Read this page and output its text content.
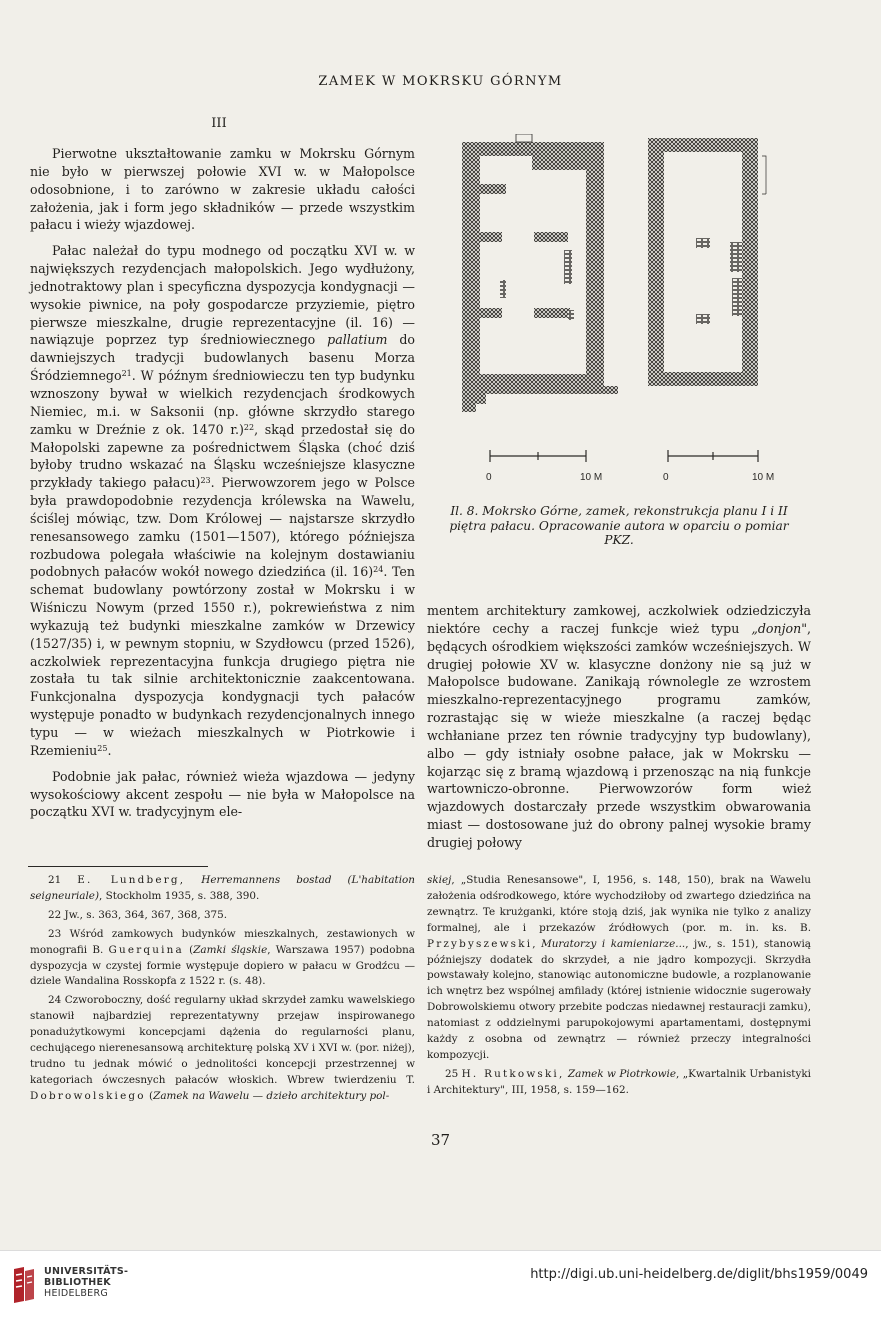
ZAMEK W MOKRSKU GÓRNYM
III

Pierwotne ukształtowanie zamku w Mokrsku Górnym nie było w pierwszej połowie XVI w. w Małopolsce odosobnione, i to zarówno w zakresie układu całości założenia, jak i form jego składników — przede wszystkim pałacu i wieży wjazdowej.

Pałac należał do typu modnego od początku XVI w. w największych rezydencjach małopolskich. Jego wydłużony, jednotraktowy plan i specyficzna dyspozycja kondygnacji — wysokie piwnice, na poły gospodarcze przyziemie, piętro pierwsze mieszkalne, drugie reprezentacyjne (il. 16) — nawiązuje poprzez typ średniowiecznego pallatium do dawniejszych tradycji budowlanych basenu Morza Śródziemnego$^{21}$. W późnym średniowieczu ten typ budynku wznoszony bywał w wielkich rezydencjach środkowych Niemiec, m.i. w Saksonii (np. główne skrzydło starego zamku w Dreźnie z ok. 1470 r.)$^{22}$, skąd przedostał się do Małopolski zapewne za pośrednictwem Śląska (choć dziś byłoby trudno wskazać na Śląsku wcześniejsze klasyczne przykłady takiego pałacu)$^{23}$. Pierwowzorem jego w Polsce była prawdopodobnie rezydencja królewska na Wawelu, ściślej mówiąc, tzw. Dom Królowej — najstarsze skrzydło renesansowego zamku (1501—1507), którego późniejsza rozbudowa polegała właściwie na kolejnym dostawianiu podobnych pałaców wokół nowego dziedzińca (il. 16)$^{24}$. Ten schemat budowlany powtórzony został w Mokrsku i w Wiśniczu Nowym (przed 1550 r.), pokrewieństwa z nim wykazują też budynki mieszkalne zamków w Drzewicy (1527/35) i, w pewnym stopniu, w Szydłowcu (przed 1526), aczkolwiek reprezentacyjna funkcja drugiego piętra nie została tu tak silnie architektonicznie zaakcentowana. Funkcjonalna dyspozycja kondygnacji tych pałaców występuje ponadto w budynkach rezydencjonalnych innego typu — w wieżach mieszkalnych w Piotrkowie i Rzemieniu$^{25}$.

Podobnie jak pałac, również wieża wjazdowa — jedyny wysokościowy akcent zespołu — nie była w Małopolsce na początku XVI w. tradycyjnym ele-

0	10 M	0	10 M
Il. 8. Mokrsko Górne, zamek, rekonstrukcja planu I i II
piętra pałacu. Opracowanie autora w oparciu o pomiar
PKZ.

mentem architektury zamkowej, aczkolwiek odziedziczyła niektóre cechy a raczej funkcje wież typu „donjon", będących ośrodkiem większości zamków wcześniejszych. W drugiej połowie XV w. klasyczne donżony nie są już w Małopolsce budowane. Zanikają równolegle ze wzrostem mieszkalno-reprezentacyjnego programu zamków, rozrastając się w wieże mieszkalne (a raczej będąc wchłaniane przez ten równie tradycyjny typ budowlany), albo — gdy istniały osobne pałace, jak w Mokrsku — kojarząc się z bramą wjazdową i przenosząc na nią funkcje wartowniczo-obronne. Pierwowzorów form wież wjazdowych dostarczały przede wszystkim obwarowania miast — dostosowane już do obrony palnej wysokie bramy drugiej połowy

21 E. Lundberg, Herremannens bostad (L'habitation seigneuriale), Stockholm 1935, s. 388, 390.

22 Jw., s. 363, 364, 367, 368, 375.

23 Wśród zamkowych budynków mieszkalnych, zestawionych w monografii B. Guerquina (Zamki śląskie, Warszawa 1957) podobna dyspozycja w czystej formie występuje dopiero w pałacu w Grodźcu — dziele Wandalina Rosskopfa z 1522 r. (s. 48).

24 Czworoboczny, dość regularny układ skrzydeł zamku wawelskiego stanowił najbardziej reprezentatywny przejaw inspirowanego ponadużytkowymi koncepcjami dążenia do regularności planu, cechującego nierenesansową architekturę polską XV i XVI w. (por. niżej), trudno tu jednak mówić o jednolitości koncepcji przestrzennej w kategoriach ówczesnych pałaców włoskich. Wbrew twierdzeniu T. Dobrowolskiego (Zamek na Wawelu — dzieło architektury pol-

skiej, „Studia Renesansowe", I, 1956, s. 148, 150), brak na Wawelu założenia odśrodkowego, które wychodziłoby od zwartego dziedzińca na zewnątrz. Te krużganki, które stoją dziś, jak wynika nie tylko z analizy formalnej, ale i przekazów źródłowych (por. m. in. ks. B. Przybyszewski, Muratorzy i kamieniarze..., jw., s. 151), stanowią późniejszy dodatek do skrzydeł, a nie jądro kompozycji. Skrzydła powstawały kolejno, stanowiąc autonomiczne budowle, a rozplanowanie ich wnętrz bez wspólnej amfilady (której istnienie widocznie sugerowały Dobrowolskiemu otwory przebite podczas niedawnej restauracji zamku), natomiast z oddzielnymi parupokojowymi apartamentami, dostępnymi każdy z osobna od zewnątrz — również przeczy integralności kompozycji.

25 H. Rutkowski, Zamek w Piotrkowie, „Kwartalnik Urbanistyki i Architektury", III, 1958, s. 159—162.

37
UNIVERSITÄTS-
BIBLIOTHEK
HEIDELBERG
http://digi.ub.uni-heidelberg.de/diglit/bhs1959/0049
